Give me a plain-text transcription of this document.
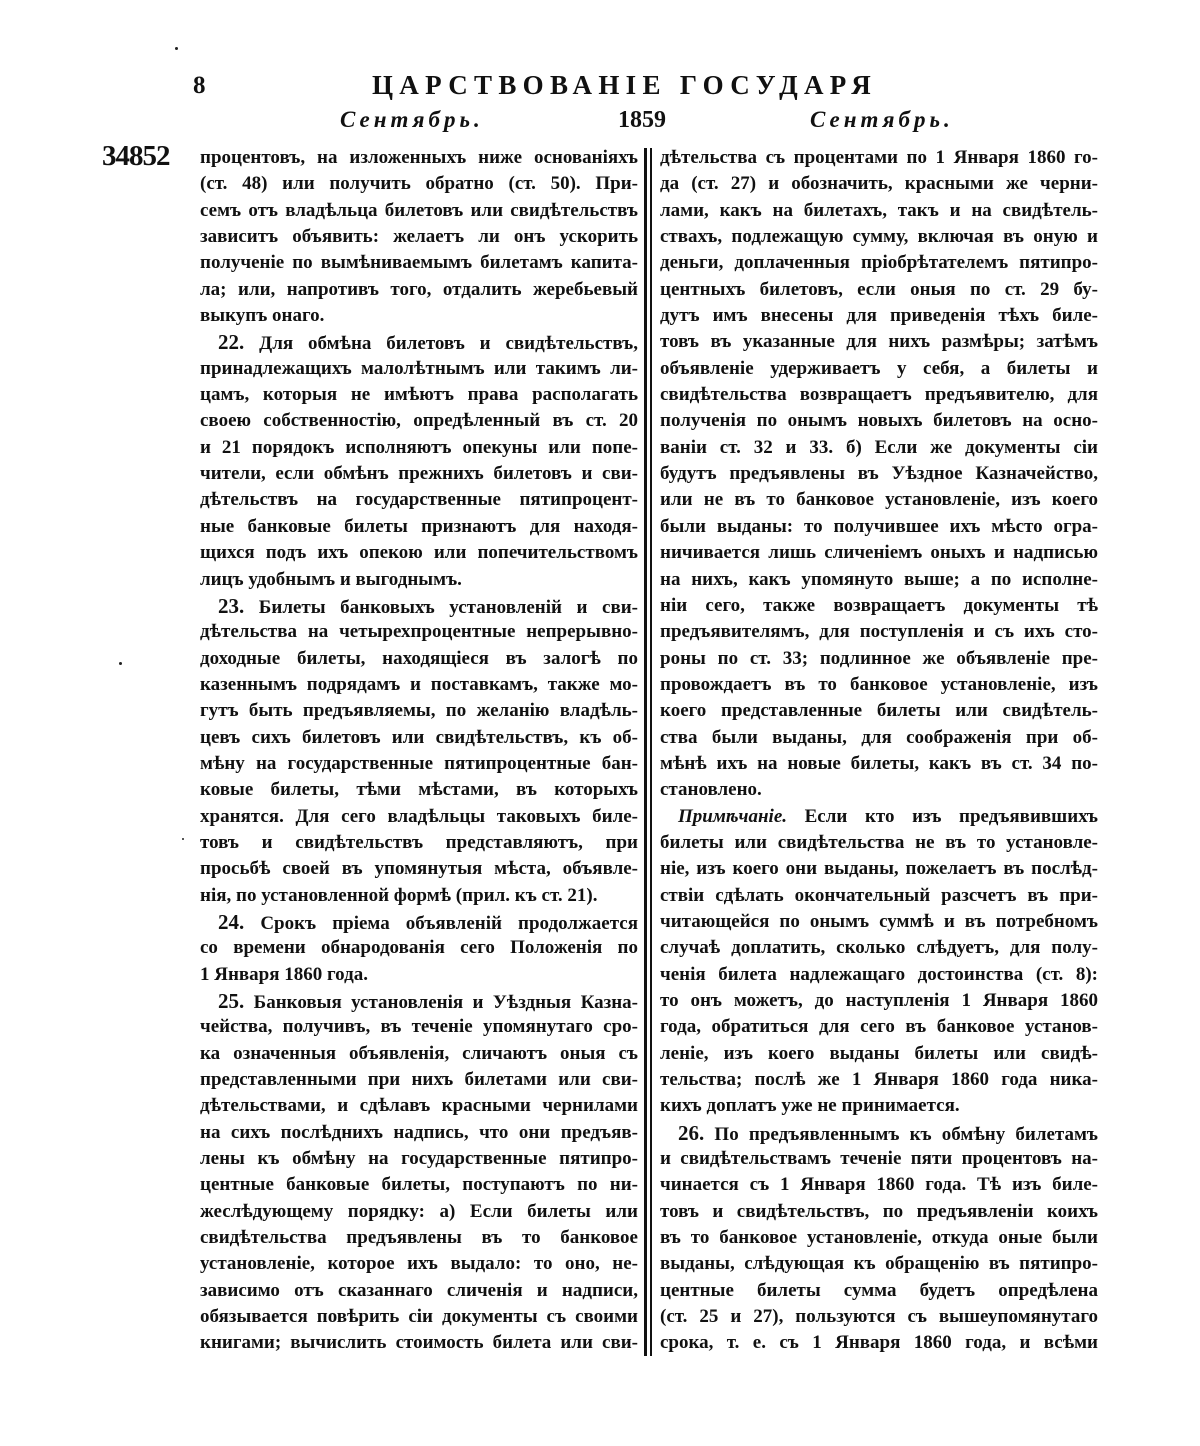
8	ЦАРСТВОВАНІЕ ГОСУДАРЯ
Сентябрь.	1859	Сентябрь.
34852 процентовъ, на изложенныхъ ниже основаніяхъ
(ст. 48) или получить обратно (ст. 50). При-
семъ отъ владѣльца билетовъ или свидѣтельствъ
зависитъ объявить: желаетъ ли онъ ускорить
полученіе по вымѣниваемымъ билетамъ капита-
ла; или, напротивъ того, отдалить жеребьевый
выкупъ онаго.
22. Для обмѣна билетовъ и свидѣтельствъ,
принадлежащихъ малолѣтнымъ или такимъ ли-
цамъ, которыя не имѣютъ права располагать
своею собственностію, опредѣленный въ ст. 20
и 21 порядокъ исполняютъ опекуны или попе-
чители, если обмѣнъ прежнихъ билетовъ и сви-
дѣтельствъ на государственные пятипроцент-
ные банковые билеты признаютъ для находя-
щихся подъ ихъ опекою или попечительствомъ
лицъ удобнымъ и выгоднымъ.
23. Билеты банковыхъ установленій и сви-
дѣтельства на четырехпроцентные непрерывно-
доходные билеты, находящіеся въ залогѣ по
казеннымъ подрядамъ и поставкамъ, также мо-
гутъ быть предъявляемы, по желанію владѣль-
цевъ сихъ билетовъ или свидѣтельствъ, къ об-
мѣну на государственные пятипроцентные бан-
ковые билеты, тѣми мѣстами, въ которыхъ
хранятся. Для сего владѣльцы таковыхъ биле-
товъ и свидѣтельствъ представляютъ, при
просьбѣ своей въ упомянутыя мѣста, объявле-
нія, по установленной формѣ (прил. къ ст. 21).
24. Срокъ пріема объявленій продолжается
со времени обнародованія сего Положенія по
1 Января 1860 года.
25. Банковыя установленія и Уѣздныя Казна-
чейства, получивъ, въ теченіе упомянутаго сро-
ка означенныя объявленія, сличаютъ оныя съ
представленными при нихъ билетами или сви-
дѣтельствами, и сдѣлавъ красными чернилами
на сихъ послѣднихъ надпись, что они предъяв-
лены къ обмѣну на государственные пятипро-
центные банковые билеты, поступаютъ по ни-
жеслѣдующему порядку: а) Если билеты или
свидѣтельства предъявлены въ то банковое
установленіе, которое ихъ выдало: то оно, не-
зависимо отъ сказаннаго сличенія и надписи,
обязывается повѣрить сіи документы съ своими
книгами; вычислить стоимость билета или сви-
дѣтельства съ процентами по 1 Января 1860 го-
да (ст. 27) и обозначить, красными же черни-
лами, какъ на билетахъ, такъ и на свидѣтель-
ствахъ, подлежащую сумму, включая въ оную и
деньги, доплаченныя пріобрѣтателемъ пятипро-
центныхъ билетовъ, если оныя по ст. 29 бу-
дутъ имъ внесены для приведенія тѣхъ биле-
товъ въ указанные для нихъ размѣры; затѣмъ
объявленіе удерживаетъ у себя, а билеты и
свидѣтельства возвращаетъ предъявителю, для
полученія по онымъ новыхъ билетовъ на осно-
ваніи ст. 32 и 33. б) Если же документы сіи
будутъ предъявлены въ Уѣздное Казначейство,
или не въ то банковое установленіе, изъ коего
были выданы: то получившее ихъ мѣсто огра-
ничивается лишь сличеніемъ оныхъ и надписью
на нихъ, какъ упомянуто выше; а по исполне-
ніи сего, также возвращаетъ документы тѣ
предъявителямъ, для поступленія и съ ихъ сто-
роны по ст. 33; подлинное же объявленіе пре-
провождаетъ въ то банковое установленіе, изъ
коего представленные билеты или свидѣтель-
ства были выданы, для соображенія при об-
мѣнѣ ихъ на новые билеты, какъ въ ст. 34 по-
становлено.
Примѣчаніе. Если кто изъ предъявившихъ
билеты или свидѣтельства не въ то установле-
ніе, изъ коего они выданы, пожелаетъ въ послѣд-
ствіи сдѣлать окончательный разсчетъ въ при-
читающейся по онымъ суммѣ и въ потребномъ
случаѣ доплатить, сколько слѣдуетъ, для полу-
ченія билета надлежащаго достоинства (ст. 8):
то онъ можетъ, до наступленія 1 Января 1860
года, обратиться для сего въ банковое установ-
леніе, изъ коего выданы билеты или свидѣ-
тельства; послѣ же 1 Января 1860 года ника-
кихъ доплатъ уже не принимается.
26. По предъявленнымъ къ обмѣну билетамъ
и свидѣтельствамъ теченіе пяти процентовъ на-
чинается съ 1 Января 1860 года. Тѣ изъ биле-
товъ и свидѣтельствъ, по предъявленіи коихъ
въ то банковое установленіе, откуда оные были
выданы, слѣдующая къ обращенію въ пятипро-
центные билеты сумма будетъ опредѣлена
(ст. 25 и 27), пользуются съ вышеупомянутаго
срока, т. е. съ 1 Января 1860 года, и всѣми
